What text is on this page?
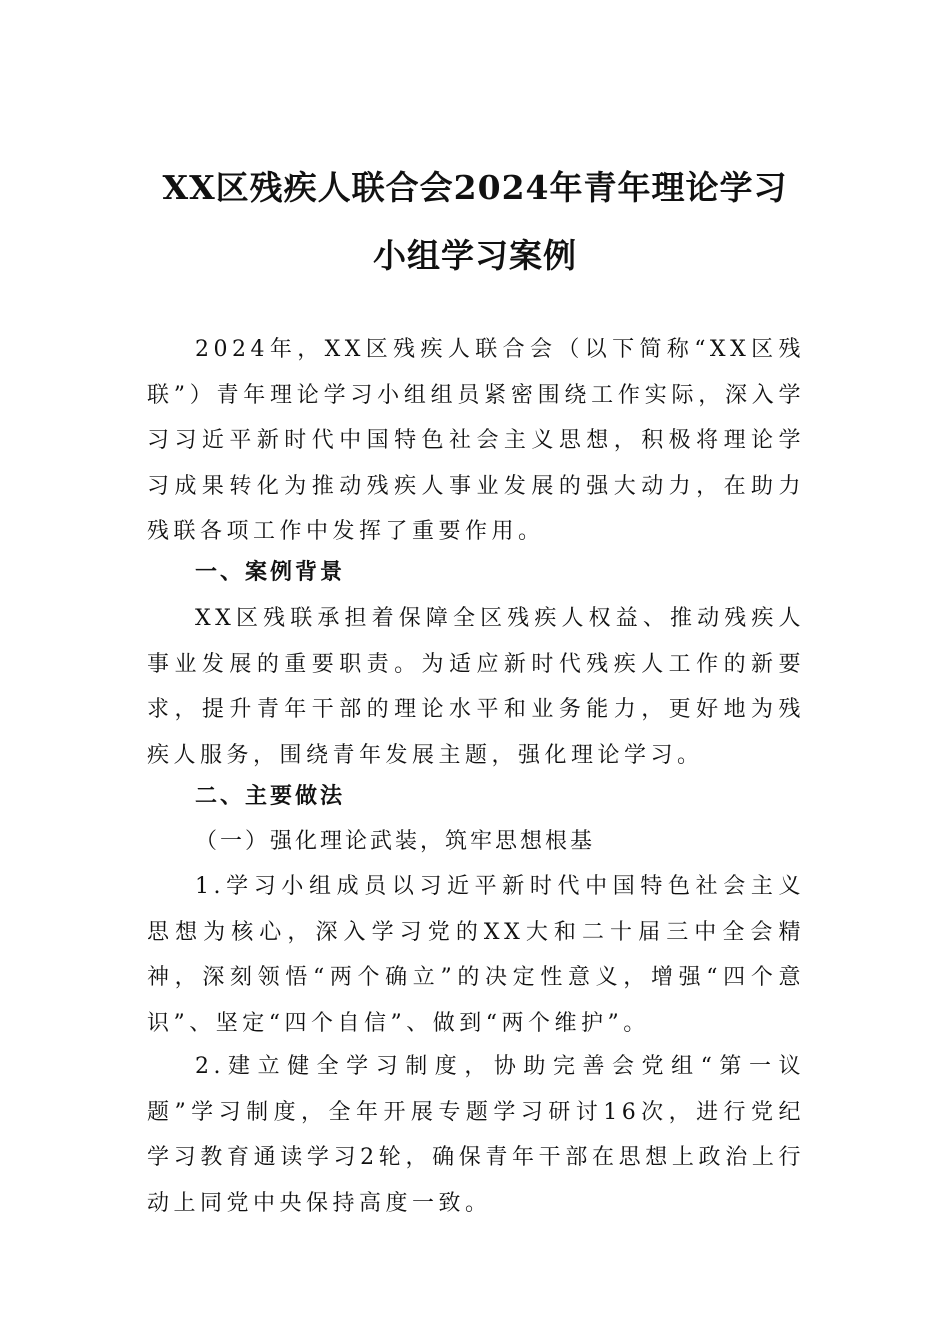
XX区残疾人联合会2024年青年理论学习
小组学习案例

2024年，XX区残疾人联合会（以下简称“XX区残联”）青年理论学习小组组员紧密围绕工作实际，深入学习习近平新时代中国特色社会主义思想，积极将理论学习成果转化为推动残疾人事业发展的强大动力，在助力残联各项工作中发挥了重要作用。

一、案例背景

XX区残联承担着保障全区残疾人权益、推动残疾人事业发展的重要职责。为适应新时代残疾人工作的新要求，提升青年干部的理论水平和业务能力，更好地为残疾人服务，围绕青年发展主题，强化理论学习。

二、主要做法

（一）强化理论武装，筑牢思想根基

1.学习小组成员以习近平新时代中国特色社会主义思想为核心，深入学习党的XX大和二十届三中全会精神，深刻领悟“两个确立”的决定性意义，增强“四个意识”、坚定“四个自信”、做到“两个维护”。

2.建立健全学习制度，协助完善会党组“第一议题”学习制度，全年开展专题学习研讨16次，进行党纪学习教育通读学习2轮，确保青年干部在思想上政治上行动上同党中央保持高度一致。
